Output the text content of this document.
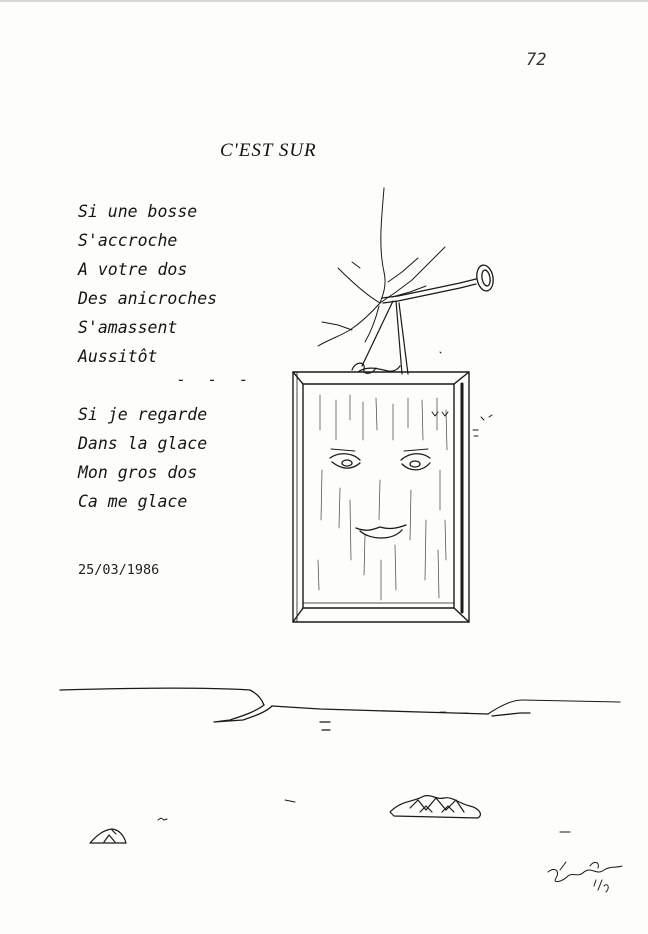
72
C'EST SUR
Si une bosse
S'accroche
A votre dos
Des anicroches
S'amassent
Aussitôt
- - -
Si je regarde
Dans la glace
Mon gros dos
Ca me glace
25/03/1986
